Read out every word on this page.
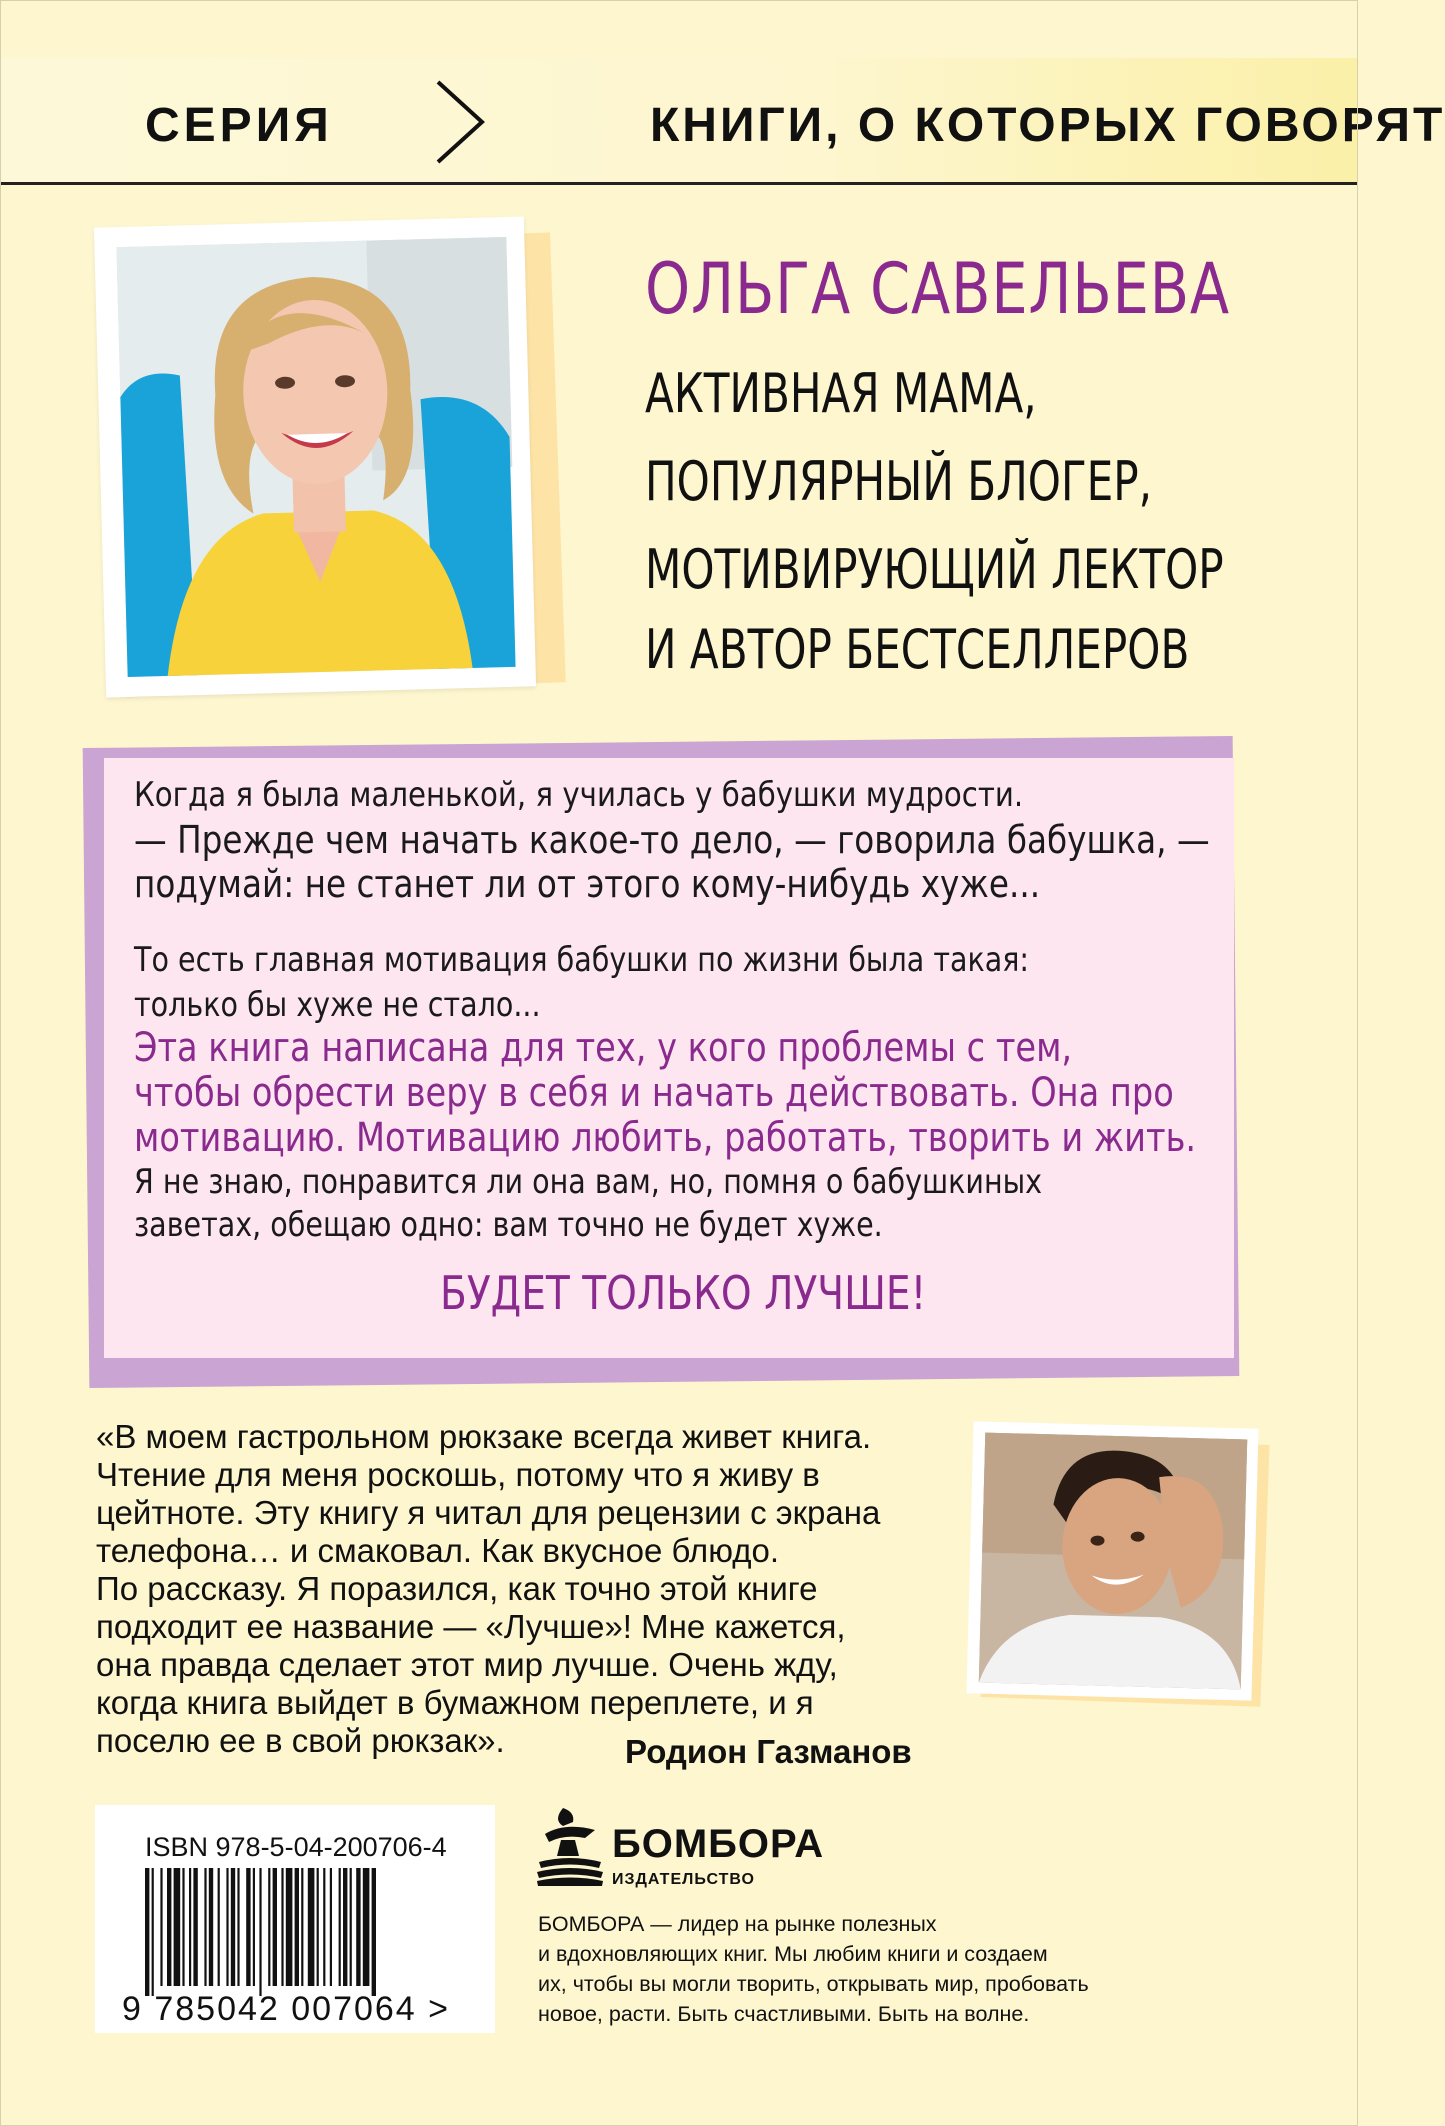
СЕРИЯ	КНИГИ, О КОТОРЫХ ГОВОРЯТ
ОЛЬГА САВЕЛЬЕВА
АКТИВНАЯ МАМА,
ПОПУЛЯРНЫЙ БЛОГЕР,
МОТИВИРУЮЩИЙ ЛЕКТОР
И АВТОР БЕСТСЕЛЛЕРОВ
Когда я была маленькой, я училась у бабушки мудрости.
— Прежде чем начать какое-то дело, — говорила бабушка, —
подумай: не станет ли от этого кому-нибудь хуже...
То есть главная мотивация бабушки по жизни была такая:
только бы хуже не стало...
Эта книга написана для тех, у кого проблемы с тем,
чтобы обрести веру в себя и начать действовать. Она про
мотивацию. Мотивацию любить, работать, творить и жить.
Я не знаю, понравится ли она вам, но, помня о бабушкиных
заветах, обещаю одно: вам точно не будет хуже.
БУДЕТ ТОЛЬКО ЛУЧШЕ!
«В моем гастрольном рюкзаке всегда живет книга.
Чтение для меня роскошь, потому что я живу в
цейтноте. Эту книгу я читал для рецензии с экрана
телефона… и смаковал. Как вкусное блюдо.
По рассказу. Я поразился, как точно этой книге
подходит ее название — «Лучше»! Мне кажется,
она правда сделает этот мир лучше. Очень жду,
когда книга выйдет в бумажном переплете, и я
поселю ее в свой рюкзак».	Родион Газманов
ISBN 978-5-04-200706-4
9 785042 007064 >
БОМБОРА
ИЗДАТЕЛЬСТВО
БОМБОРА — лидер на рынке полезных
и вдохновляющих книг. Мы любим книги и создаем
их, чтобы вы могли творить, открывать мир, пробовать
новое, расти. Быть счастливыми. Быть на волне.
